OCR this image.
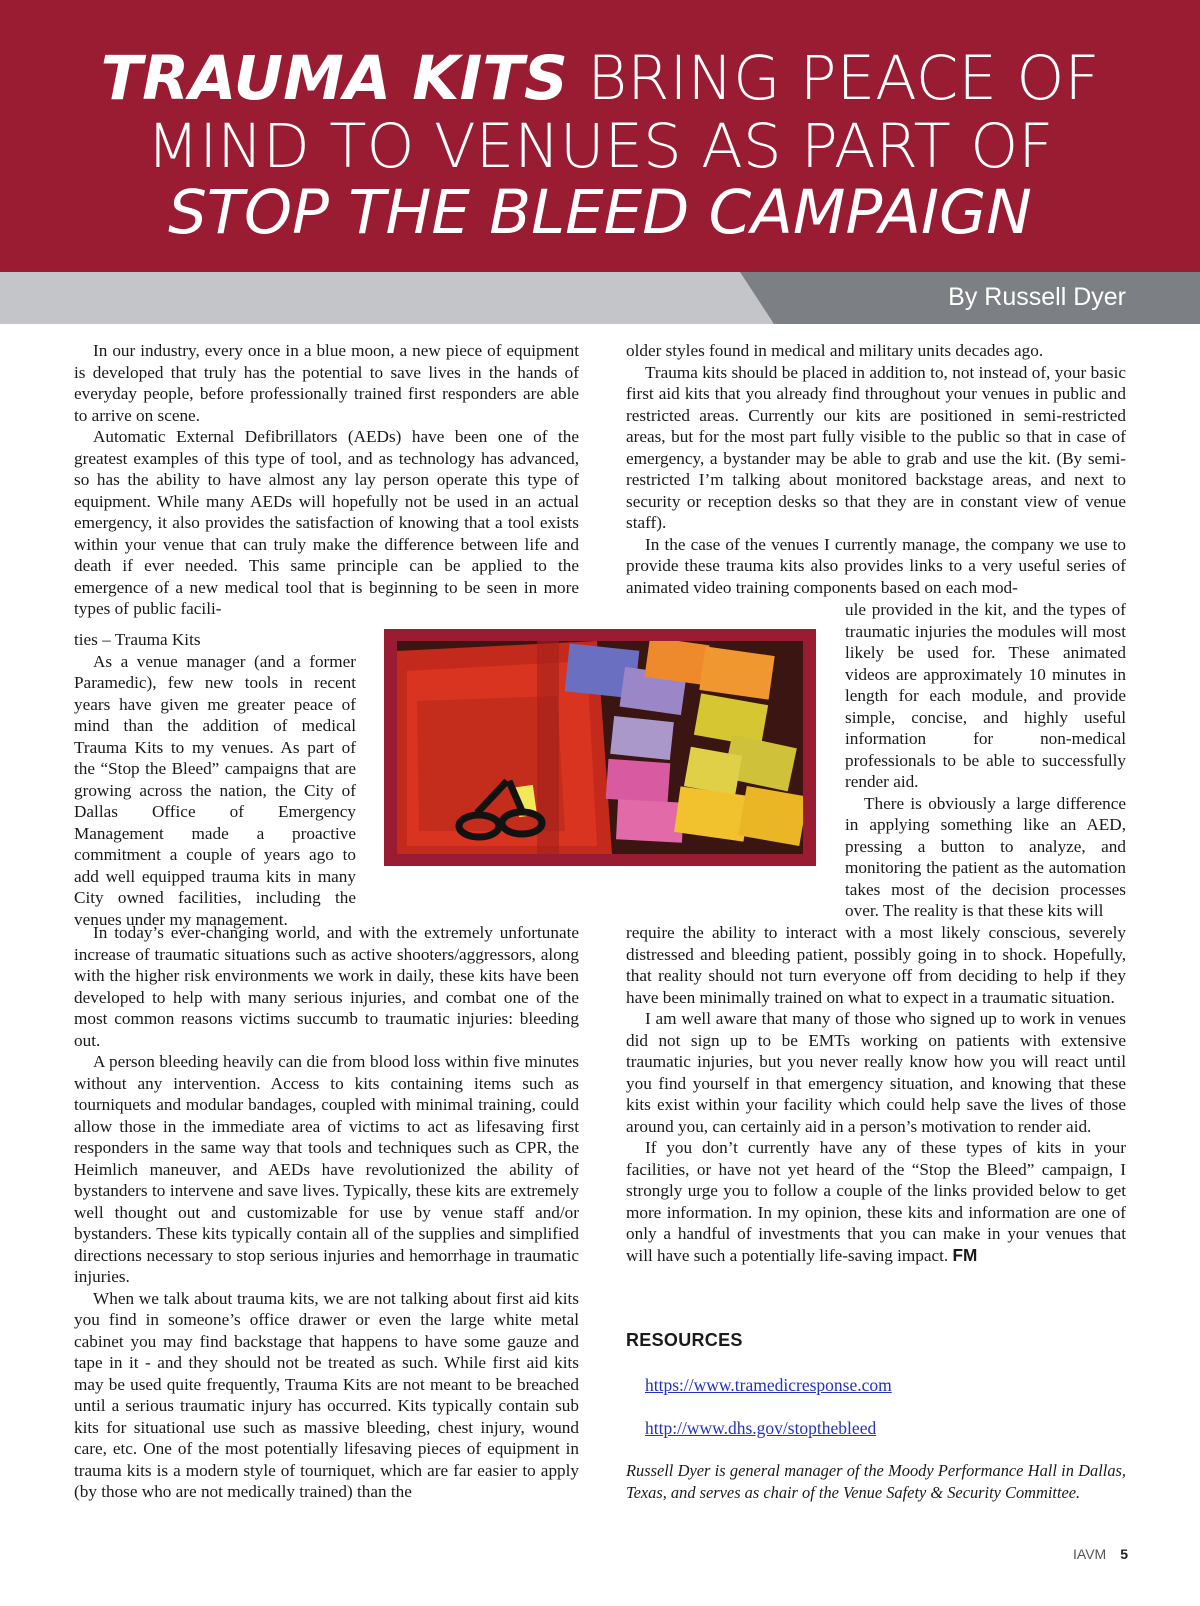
TRAUMA KITS BRING PEACE OF
MIND TO VENUES AS PART OF
STOP THE BLEED CAMPAIGN
By Russell Dyer

In our industry, every once in a blue moon, a new piece of equipment is developed that truly has the potential to save lives in the hands of everyday people, before professionally trained first responders are able to arrive on scene.

Automatic External Defibrillators (AEDs) have been one of the greatest examples of this type of tool, and as technology has advanced, so has the ability to have almost any lay person operate this type of equipment. While many AEDs will hopefully not be used in an actual emergency, it also provides the satisfaction of knowing that a tool exists within your venue that can truly make the difference between life and death if ever needed. This same principle can be applied to the emergence of a new medical tool that is beginning to be seen in more types of public facili-

ties – Trauma Kits

As a venue manager (and a former Paramedic), few new tools in recent years have given me greater peace of mind than the addition of medical Trauma Kits to my venues. As part of the “Stop the Bleed” campaigns that are growing across the nation, the City of Dallas Office of Emergency Management made a proactive commitment a couple of years ago to add well equipped trauma kits in many City owned facilities, including the venues under my management.

In today’s ever-changing world, and with the extremely unfortunate increase of traumatic situations such as active shooters/aggressors, along with the higher risk environments we work in daily, these kits have been developed to help with many serious injuries, and combat one of the most common reasons victims succumb to traumatic injuries: bleeding out.

A person bleeding heavily can die from blood loss within five minutes without any intervention. Access to kits containing items such as tourniquets and modular bandages, coupled with minimal training, could allow those in the immediate area of victims to act as lifesaving first responders in the same way that tools and techniques such as CPR, the Heimlich maneuver, and AEDs have revolutionized the ability of bystanders to intervene and save lives. Typically, these kits are extremely well thought out and customizable for use by venue staff and/or bystanders. These kits typically contain all of the supplies and simplified directions necessary to stop serious injuries and hemorrhage in traumatic injuries.

When we talk about trauma kits, we are not talking about first aid kits you find in someone’s office drawer or even the large white metal cabinet you may find backstage that happens to have some gauze and tape in it - and they should not be treated as such. While first aid kits may be used quite frequently, Trauma Kits are not meant to be breached until a serious traumatic injury has occurred. Kits typically contain sub kits for situational use such as massive bleeding, chest injury, wound care, etc. One of the most potentially lifesaving pieces of equipment in trauma kits is a modern style of tourniquet, which are far easier to apply (by those who are not medically trained) than the

older styles found in medical and military units decades ago.

Trauma kits should be placed in addition to, not instead of, your basic first aid kits that you already find throughout your venues in public and restricted areas. Currently our kits are positioned in semi-restricted areas, but for the most part fully visible to the public so that in case of emergency, a bystander may be able to grab and use the kit. (By semi-restricted I’m talking about monitored backstage areas, and next to security or reception desks so that they are in constant view of venue staff).

In the case of the venues I currently manage, the company we use to provide these trauma kits also provides links to a very useful series of animated video training components based on each mod-

ule provided in the kit, and the types of traumatic injuries the modules will most likely be used for. These animated videos are approximately 10 minutes in length for each module, and provide simple, concise, and highly useful information for non-medical professionals to be able to successfully render aid.

There is obviously a large difference in applying something like an AED, pressing a button to analyze, and monitoring the patient as the automation takes most of the decision processes over. The reality is that these kits will

require the ability to interact with a most likely conscious, severely distressed and bleeding patient, possibly going in to shock. Hopefully, that reality should not turn everyone off from deciding to help if they have been minimally trained on what to expect in a traumatic situation.

I am well aware that many of those who signed up to work in venues did not sign up to be EMTs working on patients with extensive traumatic injuries, but you never really know how you will react until you find yourself in that emergency situation, and knowing that these kits exist within your facility which could help save the lives of those around you, can certainly aid in a person’s motivation to render aid.

If you don’t currently have any of these types of kits in your facilities, or have not yet heard of the “Stop the Bleed” campaign, I strongly urge you to follow a couple of the links provided below to get more information. In my opinion, these kits and information are one of only a handful of investments that you can make in your venues that will have such a potentially life-saving impact. FM

RESOURCES
https://www.tramedicresponse.com
http://www.dhs.gov/stopthebleed
Russell Dyer is general manager of the Moody Performance Hall in Dallas, Texas, and serves as chair of the Venue Safety & Security Committee.
IAVM 5
